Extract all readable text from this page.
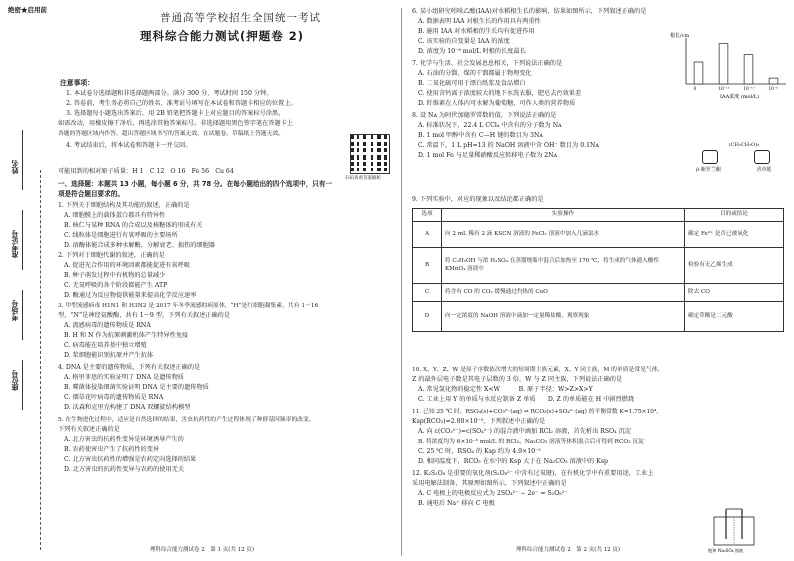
绝密★启用前
普通高等学校招生全国统一考试
理科综合能力测试(押题卷 2)
注意事项：
1. 本试卷分选择题和非选择题两部分。满分 300 分，考试时间 150 分钟。
2. 答卷前，考生务必将自己的姓名、准考证号填写在本试卷和答题卡相应的位置上。
3. 选择题每小题选出答案后，用 2B 铅笔把答题卡上对应题目的答案标号涂黑，
如需改动，用橡皮擦干净后，再选涂其他答案标号。非选择题用黑色签字笔在答题卡上
各题的答题区域内作答，超出答题区域书写的答案无效，在试题卷、草稿纸上答题无效。
4. 考试结束后，将本试卷和答题卡一并交回。
扫码查看答案解析
可能用到的相对原子质量：H 1　C 12　O 16　Fe 56　Cu 64
一、选择题：本题共 13 小题，每小题 6 分，共 78 分。在每小题给出的四个选项中，只有一
项是符合题目要求的。
1. 下列关于细胞结构及其功能的叙述，正确的是
A. 细胞膜上的载体蛋白都具有特异性
B. 核仁与某种 RNA 的合成以及核糖体的形成有关
C. 线粒体是细胞进行有氧呼吸的主要场所
D. 溶酶体能合成多种水解酶，分解衰老、损伤的细胞器
2. 下列对于细胞代谢的叙述，正确的是
A. 促进光合作用的环境因素都能促进有氧呼吸
B. 种子萌发过程中有机物的总量减少
C. 无氧呼吸的各个阶段都能产生 ATP
D. 酶通过为反应物提供能量来提高化学反应速率
3. 甲型流感病毒 H1N1 和 H3N2 是 2017 年冬季流感的病原体，“H”是红细胞凝集素，共有 1～16
型，“N”是神经氨酸酶，共有 1～9 型。下列有关叙述正确的是
A. 流感病毒的遗传物质是 RNA
B. H 和 N 作为抗原刺激机体产生特异性免疫
C. 病毒能在培养基中独立增殖
D. 浆细胞能识别抗原并产生抗体
4. DNA 是主要的遗传物质，下列有关叙述正确的是
A. 格里菲思的实验证明了 DNA 是遗传物质
B. 噬菌体侵染细菌实验证明 DNA 是主要的遗传物质
C. 烟草花叶病毒的遗传物质是 RNA
D. 沃森和克里克构建了 DNA 双螺旋结构模型
5. 在生物进化过程中，适应是自然选择的结果，害虫抗药性的产生过程体现了种群基因频率的改变，
下列有关叙述正确的是
A. 北方害虫的抗药性变异是环境诱导产生的
B. 农药使害虫产生了抗药性的变异
C. 北方害虫抗药性的增强是农药定向选择的结果
D. 北方害虫的抗药性变异与农药的使用无关
姓名
准考证号
考场号
座位号
理科综合能力测试卷 2　第 1 页(共 12 页)
6. 某小组研究吲哚乙酸(IAA)对水稻根生长的影响，结果如图所示，下列叙述正确的是
A. 数据表明 IAA 对根生长的作用具有两重性
B. 施用 IAA 对水稻根的生长均有促进作用
C. 该实验的自变量是 IAA 的浓度
D. 浓度为 10⁻⁸ mol/L 时根的长度最长
7. 化学与生活、社会发展息息相关，下列说法正确的是
A. 石油的分馏、煤的干馏都属于物理变化
B. 二氧化硫可用于漂白纸浆及食品增白
C. 使用含钙离子浓度较大的地下水洗衣服，肥皂去污效果差
D. 纤维素在人体内可水解为葡萄糖，可作人类的营养物质
8. 设 Nᴀ 为阿伏加德罗常数的值，下列说法正确的是
A. 标准状况下，22.4 L CCl₄ 中含有的分子数为 Nᴀ
B. 1 mol 甲醇中含有 C—H 键的数目为 3Nᴀ
C. 常温下，1 L pH=13 的 NaOH 溶液中含 OH⁻ 数目为 0.1Nᴀ
D. 1 mol Fe 与足量稀硝酸反应转移电子数为 2Nᴀ
β-紫罗兰酮
(CH₃CH₂O)₃
香草醛
9. 下列实验中，对应的现象以及结论都正确的是
选项	实验操作	目的或结论
A	向 2 mL 稀有 2 滴 KSCN 溶液的 FeCl₂ 溶液中加入几滴氯水	确定 Fe²⁺ 是否已被氧化
B	将 C₂H₅OH 与浓 H₂SO₄ 在蒸馏烧瓶中混合后加热至 170 ℃，将生成的气体通入酸性 KMnO₄ 溶液中	检验有无乙烯生成
C	将含有 CO 的 CO₂ 缓慢通过灼热的 CuO	除去 CO
D	向一定浓度的 NaOH 溶液中滴加一定量稀盐酸，观察现象	确定草酸是二元酸
10. X、Y、Z、W 是原子序数依次增大的短周期主族元素，X、Y 同主族，M 的单质是常见气体，
Z 的最外层电子数是其电子层数的 3 倍，W 与 Z 同主族，下列说法正确的是
A. 常见氢化物的稳定性 X<W　　　B. 原子半径：W>Z>X>Y
C. 工业上用 Y 的单质与水反应制备 Z 单质　　D. Z 的单质能在 H 中剧烈燃烧
11. 已知 25 ℃ 时，RSO₄(s)+CO₃²⁻(aq) ⇌ RCO₃(s)+SO₄²⁻(aq) 的平衡常数 K=1.75×10⁴，
Ksp(RCO₃)=2.80×10⁻⁹，下列叙述中正确的是
A. 向 c(CO₃²⁻)=c(SO₄²⁻) 的混合液中滴加 RCl₂ 溶液，首先析出 RSO₄ 沉淀
B. 将浓度均为 6×10⁻⁶ mol/L 的 RCl₂、Na₂CO₃ 溶液等体积混合后可得到 RCO₃ 沉淀
C. 25 ℃ 时，RSO₄ 的 Ksp 约为 4.9×10⁻⁵
D. 相同温度下，RCO₃ 在水中的 Ksp 大于在 Na₂CO₃ 溶液中的 Ksp
12. K₂S₂O₈ 是重要的氧化剂(S₂O₈²⁻ 中含有过氧键)，在有机化学中有重要用途，工业上
采用电解法制备，其原理如图所示，下列叙述中正确的是
A. C 电极上的电极反应式为 2SO₄²⁻ − 2e⁻ = S₂O₈²⁻
B. 通电后 Na⁺ 移向 C 电极
根长/cm
IAA浓度 (mol/L)
0	10⁻¹²	10⁻¹⁰	10⁻⁸
饱和 Na₂SO₄ 溶液
理科综合能力测试卷 2　第 2 页(共 12 页)
